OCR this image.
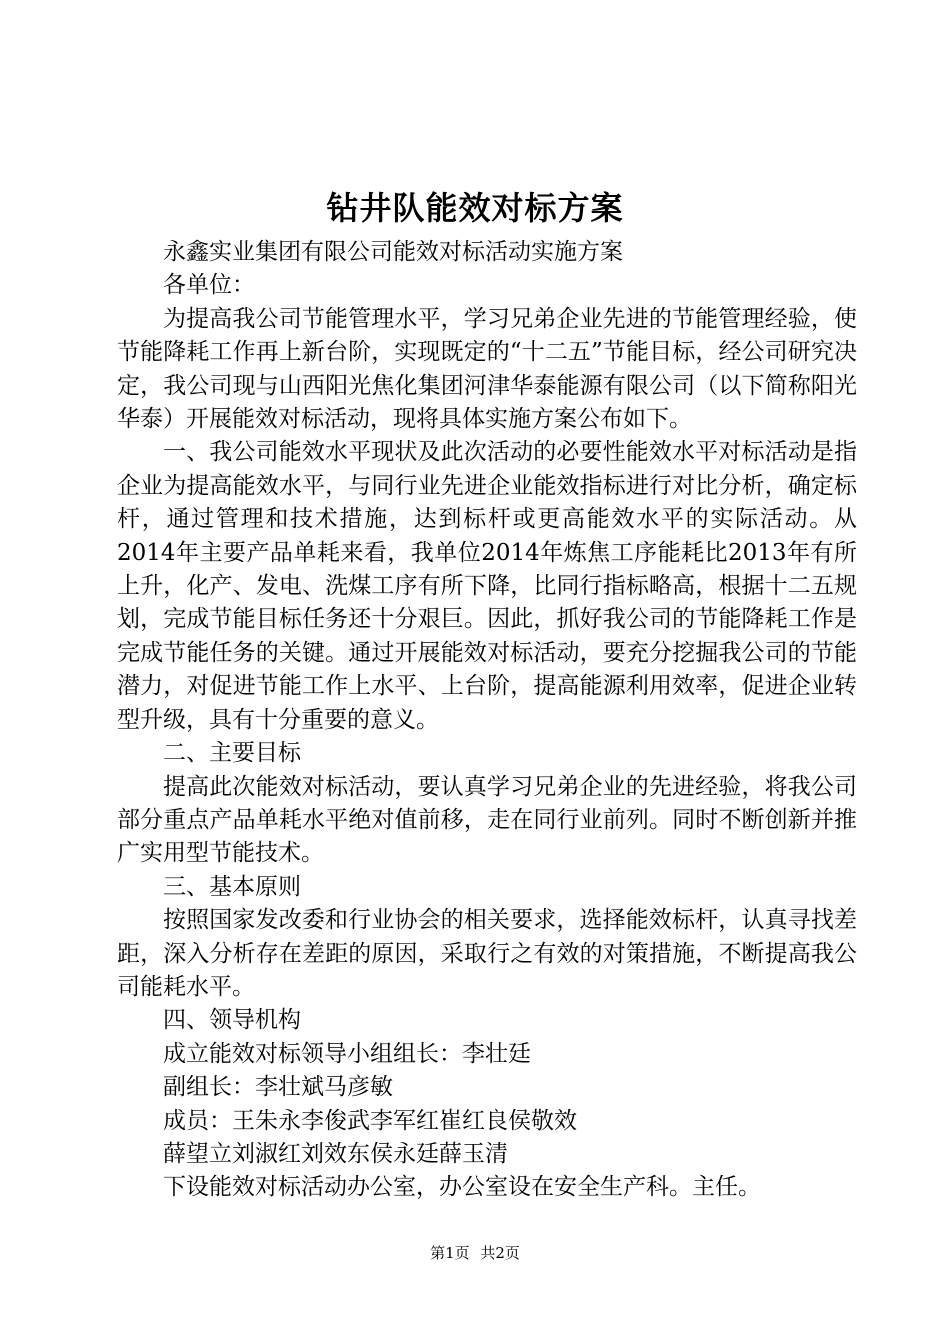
钻井队能效对标方案

永鑫实业集团有限公司能效对标活动实施方案

各单位：

为提高我公司节能管理水平，学习兄弟企业先进的节能管理经验，使节能降耗工作再上新台阶，实现既定的“十二五”节能目标，经公司研究决定，我公司现与山西阳光焦化集团河津华泰能源有限公司（以下简称阳光华泰）开展能效对标活动，现将具体实施方案公布如下。

一、我公司能效水平现状及此次活动的必要性能效水平对标活动是指企业为提高能效水平，与同行业先进企业能效指标进行对比分析，确定标杆，通过管理和技术措施，达到标杆或更高能效水平的实际活动。从2014年主要产品单耗来看，我单位2014年炼焦工序能耗比2013年有所上升，化产、发电、洗煤工序有所下降，比同行指标略高，根据十二五规划，完成节能目标任务还十分艰巨。因此，抓好我公司的节能降耗工作是完成节能任务的关键。通过开展能效对标活动，要充分挖掘我公司的节能潜力，对促进节能工作上水平、上台阶，提高能源利用效率，促进企业转型升级，具有十分重要的意义。

二、主要目标

提高此次能效对标活动，要认真学习兄弟企业的先进经验，将我公司部分重点产品单耗水平绝对值前移，走在同行业前列。同时不断创新并推广实用型节能技术。

三、基本原则

按照国家发改委和行业协会的相关要求，选择能效标杆，认真寻找差距，深入分析存在差距的原因，采取行之有效的对策措施，不断提高我公司能耗水平。

四、领导机构

成立能效对标领导小组组长：李壮廷

副组长：李壮斌马彦敏

成员：王朱永李俊武李军红崔红良侯敬效

薛望立刘淑红刘效东侯永廷薛玉清

下设能效对标活动办公室，办公室设在安全生产科。主任。

第1页 共2页
